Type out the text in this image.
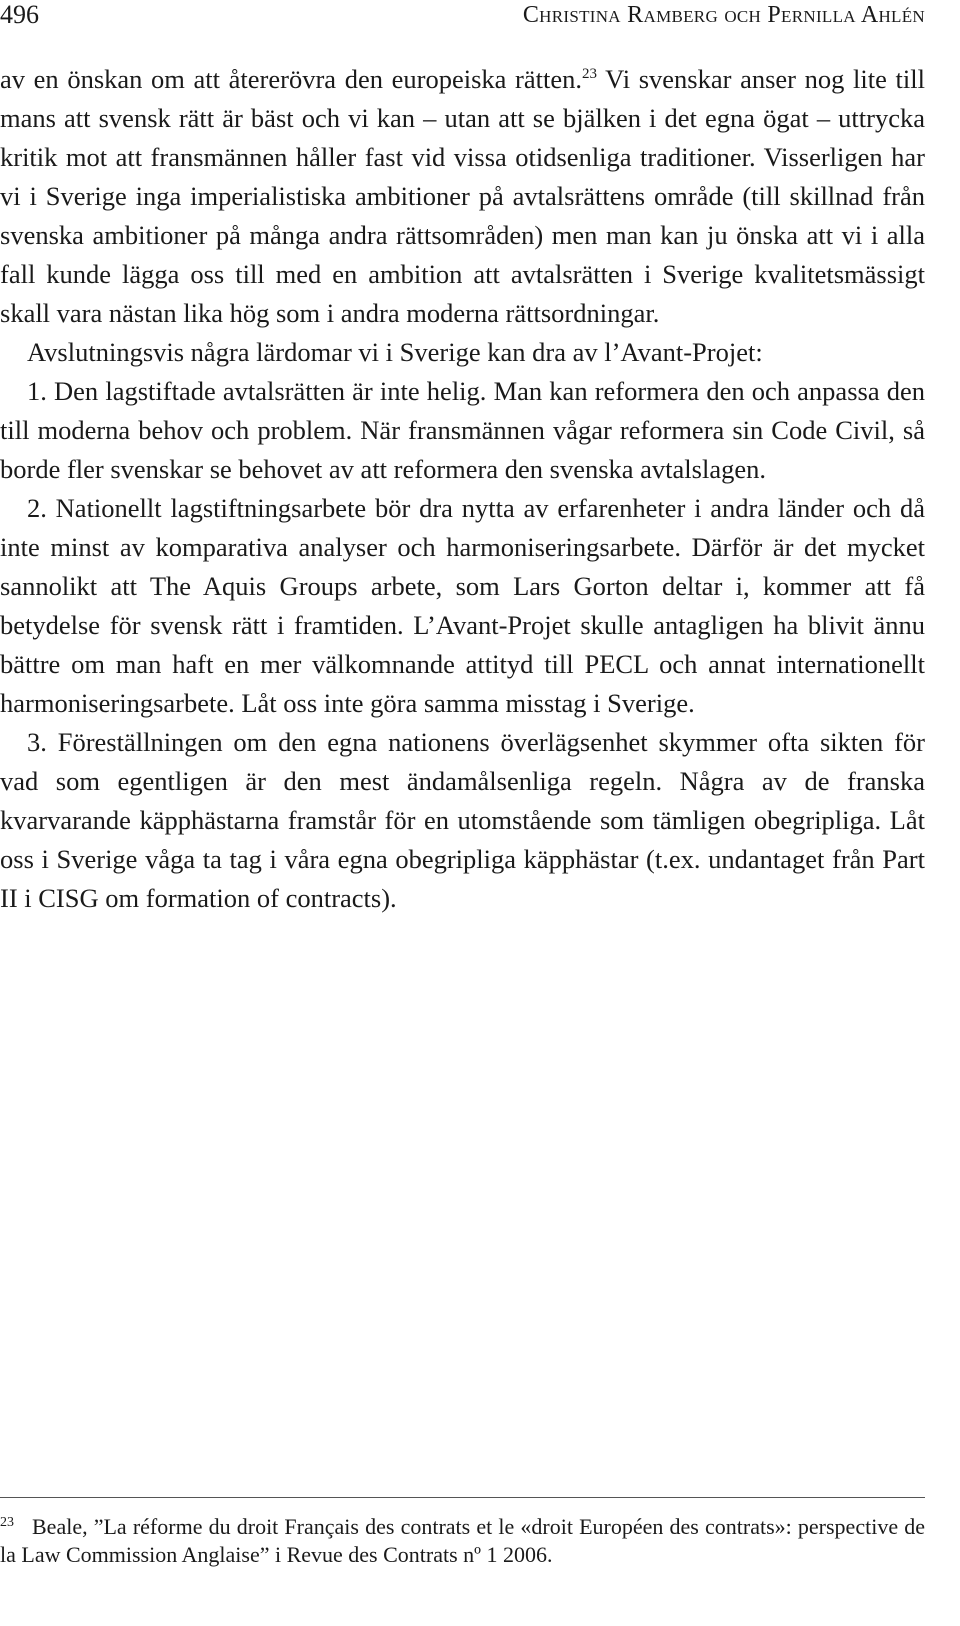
496	Christina Ramberg och Pernilla Ahlén

av en önskan om att återerövra den europeiska rätten.$^{23}$ Vi svenskar anser nog lite till mans att svensk rätt är bäst och vi kan – utan att se bjälken i det egna ögat – uttrycka kritik mot att fransmännen håller fast vid vissa otidsenliga traditioner. Visserligen har vi i Sverige inga imperialistiska ambitioner på avtalsrättens område (till skillnad från svenska ambitioner på många andra rättsområden) men man kan ju önska att vi i alla fall kunde lägga oss till med en ambition att avtalsrätten i Sverige kvalitetsmässigt skall vara nästan lika hög som i andra moderna rättsordningar.

Avslutningsvis några lärdomar vi i Sverige kan dra av l’Avant-Projet:

1. Den lagstiftade avtalsrätten är inte helig. Man kan reformera den och anpassa den till moderna behov och problem. När fransmännen vågar reformera sin Code Civil, så borde fler svenskar se behovet av att reformera den svenska avtalslagen.

2. Nationellt lagstiftningsarbete bör dra nytta av erfarenheter i andra länder och då inte minst av komparativa analyser och harmoniseringsarbete. Därför är det mycket sannolikt att The Aquis Groups arbete, som Lars Gorton deltar i, kommer att få betydelse för svensk rätt i framtiden. L’Avant-Projet skulle antagligen ha blivit ännu bättre om man haft en mer välkomnande attityd till PECL och annat internationellt harmoniseringsarbete. Låt oss inte göra samma misstag i Sverige.

3. Föreställningen om den egna nationens överlägsenhet skymmer ofta sikten för vad som egentligen är den mest ändamålsenliga regeln. Några av de franska kvarvarande käpphästarna framstår för en utomstående som tämligen obegripliga. Låt oss i Sverige våga ta tag i våra egna obegripliga käpphästar (t.ex. undantaget från Part II i CISG om formation of contracts).

$^{23}$ Beale, ”La réforme du droit Français des contrats et le «droit Européen des contrats»: perspective de la Law Commission Anglaise” i Revue des Contrats nº 1 2006.
